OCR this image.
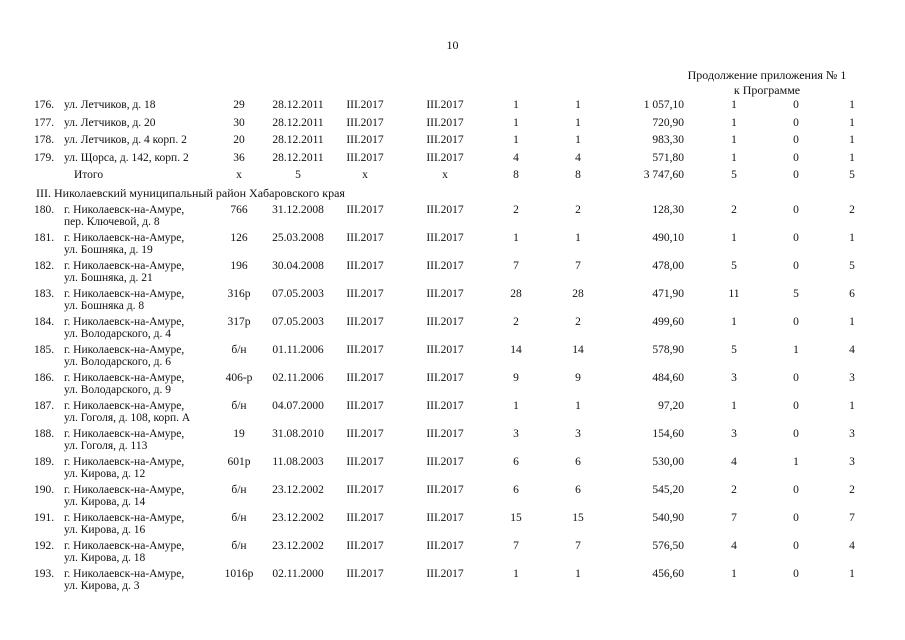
10
Продолжение приложения № 1
к Программе
III. Николаевский муниципальный район Хабаровского края
176. ул. Летчиков, д. 18	29	28.12.2011	III.2017	III.2017	1	1	1 057,10	1	0	1
177. ул. Летчиков, д. 20	30	28.12.2011	III.2017	III.2017	1	1	720,90	1	0	1
178. ул. Летчиков, д. 4 корп. 2	20	28.12.2011	III.2017	III.2017	1	1	983,30	1	0	1
179. ул. Щорса, д. 142, корп. 2	36	28.12.2011	III.2017	III.2017	4	4	571,80	1	0	1
Итого	x	5	x	x	8	8	3 747,60	5	0	5
180. г. Николаевск-на-Амуре,
пер. Ключевой, д. 8
766	31.12.2008	III.2017	III.2017	2	2	128,30	2	0	2
181. г. Николаевск-на-Амуре,
ул. Бошняка, д. 19
126	25.03.2008	III.2017	III.2017	1	1	490,10	1	0	1
182. г. Николаевск-на-Амуре,
ул. Бошняка, д. 21
196	30.04.2008	III.2017	III.2017	7	7	478,00	5	0	5
183. г. Николаевск-на-Амуре,
ул. Бошняка д. 8
316р	07.05.2003	III.2017	III.2017	28	28	471,90	11	5	6
184. г. Николаевск-на-Амуре,
ул. Володарского, д. 4
317р	07.05.2003	III.2017	III.2017	2	2	499,60	1	0	1
185. г. Николаевск-на-Амуре,
ул. Володарского, д. 6
б/н	01.11.2006	III.2017	III.2017	14	14	578,90	5	1	4
186. г. Николаевск-на-Амуре,
ул. Володарского, д. 9
406-р	02.11.2006	III.2017	III.2017	9	9	484,60	3	0	3
187. г. Николаевск-на-Амуре,
ул. Гоголя, д. 108, корп. А
б/н	04.07.2000	III.2017	III.2017	1	1	97,20	1	0	1
188. г. Николаевск-на-Амуре,
ул. Гоголя, д. 113
19	31.08.2010	III.2017	III.2017	3	3	154,60	3	0	3
189. г. Николаевск-на-Амуре,
ул. Кирова, д. 12
601р	11.08.2003	III.2017	III.2017	6	6	530,00	4	1	3
190. г. Николаевск-на-Амуре,
ул. Кирова, д. 14
б/н	23.12.2002	III.2017	III.2017	6	6	545,20	2	0	2
191. г. Николаевск-на-Амуре,
ул. Кирова, д. 16
б/н	23.12.2002	III.2017	III.2017	15	15	540,90	7	0	7
192. г. Николаевск-на-Амуре,
ул. Кирова, д. 18
б/н	23.12.2002	III.2017	III.2017	7	7	576,50	4	0	4
193. г. Николаевск-на-Амуре,
ул. Кирова, д. 3
1016р	02.11.2000	III.2017	III.2017	1	1	456,60	1	0	1
